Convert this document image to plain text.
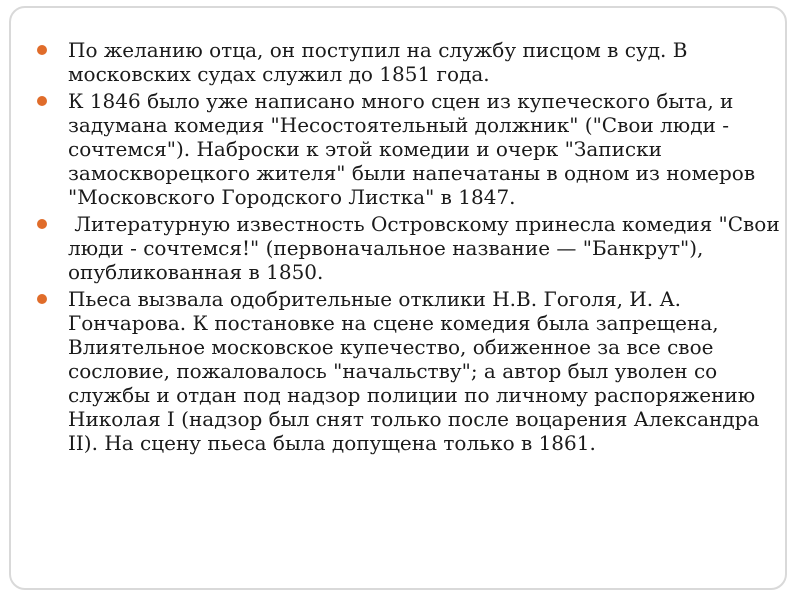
По желанию отца, он поступил на службу писцом в суд. В московских судах служил до 1851 года.
К 1846 было уже написано много сцен из купеческого быта, и задумана комедия "Несостоятельный должник" ("Свои люди - сочтемся"). Наброски к этой комедии и очерк "Записки замоскворецкого жителя" были напечатаны в одном из номеров "Московского Городского Листка" в 1847.
Литературную известность Островскому принесла комедия "Свои люди - сочтемся!" (первоначальное название — "Банкрут"), опубликованная в 1850.
Пьеса вызвала одобрительные отклики Н.В. Гоголя, И. А. Гончарова. К постановке на сцене комедия была запрещена, Влиятельное московское купечество, обиженное за все свое сословие, пожаловалось "начальству"; а автор был уволен со службы и отдан под надзор полиции по личному распоряжению Николая I (надзор был снят только после воцарения Александра II). На сцену пьеса была допущена только в 1861.
